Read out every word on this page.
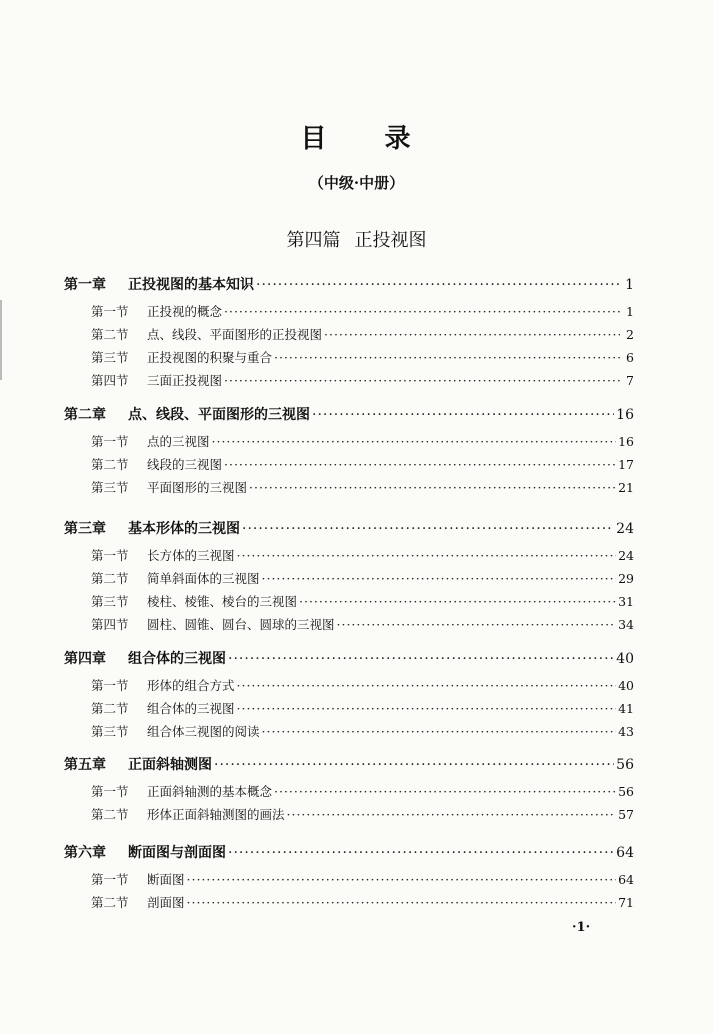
目 录
（中级·中册）
第四篇 正投视图
第一章	正投视图的基本知识 ·····	1
第一节	正投视的概念 ·····	1
第二节	点、线段、平面图形的正投视图 ·····	2
第三节	正投视图的积聚与重合 ·····	6
第四节	三面正投视图 ·····	7
第二章	点、线段、平面图形的三视图 ·····	16
第一节	点的三视图 ·····	16
第二节	线段的三视图 ·····	17
第三节	平面图形的三视图 ·····	21
第三章	基本形体的三视图 ·····	24
第一节	长方体的三视图 ·····	24
第二节	简单斜面体的三视图 ·····	29
第三节	棱柱、棱锥、棱台的三视图 ·····	31
第四节	圆柱、圆锥、圆台、圆球的三视图 ·····	34
第四章	组合体的三视图 ·····	40
第一节	形体的组合方式 ·····	40
第二节	组合体的三视图 ·····	41
第三节	组合体三视图的阅读 ·····	43
第五章	正面斜轴测图 ·····	56
第一节	正面斜轴测的基本概念 ·····	56
第二节	形体正面斜轴测图的画法 ·····	57
第六章	断面图与剖面图 ·····	64
第一节	断面图 ·····	64
第二节	剖面图 ·····	71
·1·
